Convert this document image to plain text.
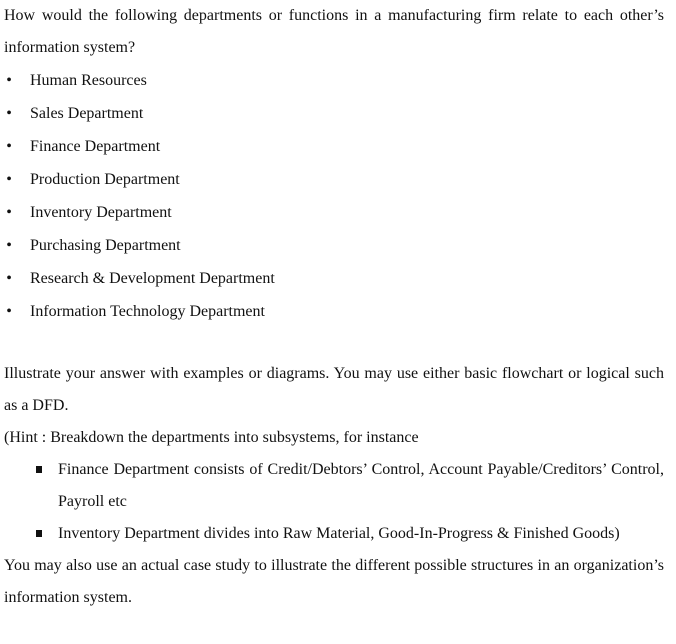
How would the following departments or functions in a manufacturing firm relate to each other’s information system?

• Human Resources
• Sales Department
• Finance Department
• Production Department
• Inventory Department
• Purchasing Department
• Research & Development Department
• Information Technology Department

Illustrate your answer with examples or diagrams. You may use either basic flowchart or logical such as a DFD.

(Hint : Breakdown the departments into subsystems, for instance

Finance Department consists of Credit/Debtors’ Control, Account Payable/Creditors’ Control, Payroll etc
Inventory Department divides into Raw Material, Good-In-Progress & Finished Goods)

You may also use an actual case study to illustrate the different possible structures in an organization’s information system.
